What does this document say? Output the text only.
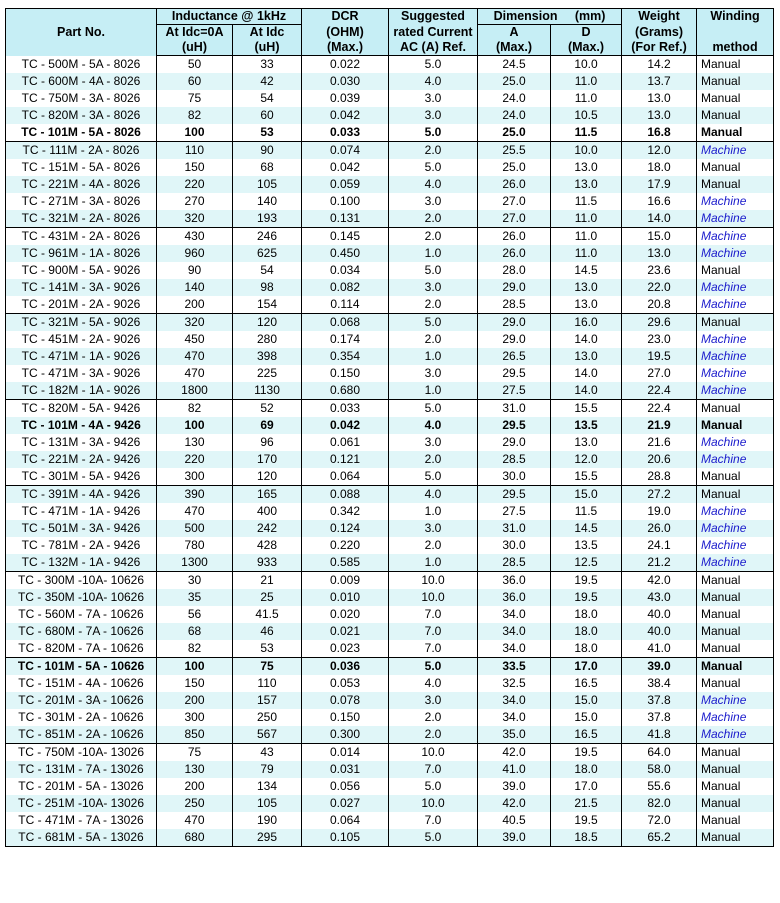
Part No.	Inductance @ 1kHz		DCR	Suggested	Dimension     (mm)		Weight	Winding
	At Idc=0A	At Idc	(OHM)	rated Current	A	D	(Grams)	
	(uH)	(uH)	(Max.)	AC (A) Ref.	(Max.)	(Max.)	(For Ref.)	method
TC - 500M - 5A - 8026	50	33	0.022	5.0	24.5	10.0	14.2	Manual
TC - 600M - 4A - 8026	60	42	0.030	4.0	25.0	11.0	13.7	Manual
TC - 750M - 3A - 8026	75	54	0.039	3.0	24.0	11.0	13.0	Manual
TC - 820M - 3A - 8026	82	60	0.042	3.0	24.0	10.5	13.0	Manual
TC - 101M - 5A - 8026	100	53	0.033	5.0	25.0	11.5	16.8	Manual
TC - 111M - 2A - 8026	110	90	0.074	2.0	25.5	10.0	12.0	Machine
TC - 151M - 5A - 8026	150	68	0.042	5.0	25.0	13.0	18.0	Manual
TC - 221M - 4A - 8026	220	105	0.059	4.0	26.0	13.0	17.9	Manual
TC - 271M - 3A - 8026	270	140	0.100	3.0	27.0	11.5	16.6	Machine
TC - 321M - 2A - 8026	320	193	0.131	2.0	27.0	11.0	14.0	Machine
TC - 431M - 2A - 8026	430	246	0.145	2.0	26.0	11.0	15.0	Machine
TC - 961M - 1A - 8026	960	625	0.450	1.0	26.0	11.0	13.0	Machine
TC - 900M - 5A - 9026	90	54	0.034	5.0	28.0	14.5	23.6	Manual
TC - 141M - 3A - 9026	140	98	0.082	3.0	29.0	13.0	22.0	Machine
TC - 201M - 2A - 9026	200	154	0.114	2.0	28.5	13.0	20.8	Machine
TC - 321M - 5A - 9026	320	120	0.068	5.0	29.0	16.0	29.6	Manual
TC - 451M - 2A - 9026	450	280	0.174	2.0	29.0	14.0	23.0	Machine
TC - 471M - 1A - 9026	470	398	0.354	1.0	26.5	13.0	19.5	Machine
TC - 471M - 3A - 9026	470	225	0.150	3.0	29.5	14.0	27.0	Machine
TC - 182M - 1A - 9026	1800	1130	0.680	1.0	27.5	14.0	22.4	Machine
TC - 820M - 5A - 9426	82	52	0.033	5.0	31.0	15.5	22.4	Manual
TC - 101M - 4A - 9426	100	69	0.042	4.0	29.5	13.5	21.9	Manual
TC - 131M - 3A - 9426	130	96	0.061	3.0	29.0	13.0	21.6	Machine
TC - 221M - 2A - 9426	220	170	0.121	2.0	28.5	12.0	20.6	Machine
TC - 301M - 5A - 9426	300	120	0.064	5.0	30.0	15.5	28.8	Manual
TC - 391M - 4A - 9426	390	165	0.088	4.0	29.5	15.0	27.2	Manual
TC - 471M - 1A - 9426	470	400	0.342	1.0	27.5	11.5	19.0	Machine
TC - 501M - 3A - 9426	500	242	0.124	3.0	31.0	14.5	26.0	Machine
TC - 781M - 2A - 9426	780	428	0.220	2.0	30.0	13.5	24.1	Machine
TC - 132M - 1A - 9426	1300	933	0.585	1.0	28.5	12.5	21.2	Machine
TC - 300M -10A- 10626	30	21	0.009	10.0	36.0	19.5	42.0	Manual
TC - 350M -10A- 10626	35	25	0.010	10.0	36.0	19.5	43.0	Manual
TC - 560M - 7A - 10626	56	41.5	0.020	7.0	34.0	18.0	40.0	Manual
TC - 680M - 7A - 10626	68	46	0.021	7.0	34.0	18.0	40.0	Manual
TC - 820M - 7A - 10626	82	53	0.023	7.0	34.0	18.0	41.0	Manual
TC - 101M - 5A - 10626	100	75	0.036	5.0	33.5	17.0	39.0	Manual
TC - 151M - 4A - 10626	150	110	0.053	4.0	32.5	16.5	38.4	Manual
TC - 201M - 3A - 10626	200	157	0.078	3.0	34.0	15.0	37.8	Machine
TC - 301M - 2A - 10626	300	250	0.150	2.0	34.0	15.0	37.8	Machine
TC - 851M - 2A - 10626	850	567	0.300	2.0	35.0	16.5	41.8	Machine
TC - 750M -10A- 13026	75	43	0.014	10.0	42.0	19.5	64.0	Manual
TC - 131M - 7A - 13026	130	79	0.031	7.0	41.0	18.0	58.0	Manual
TC - 201M - 5A - 13026	200	134	0.056	5.0	39.0	17.0	55.6	Manual
TC - 251M -10A- 13026	250	105	0.027	10.0	42.0	21.5	82.0	Manual
TC - 471M - 7A - 13026	470	190	0.064	7.0	40.5	19.5	72.0	Manual
TC - 681M - 5A - 13026	680	295	0.105	5.0	39.0	18.5	65.2	Manual
